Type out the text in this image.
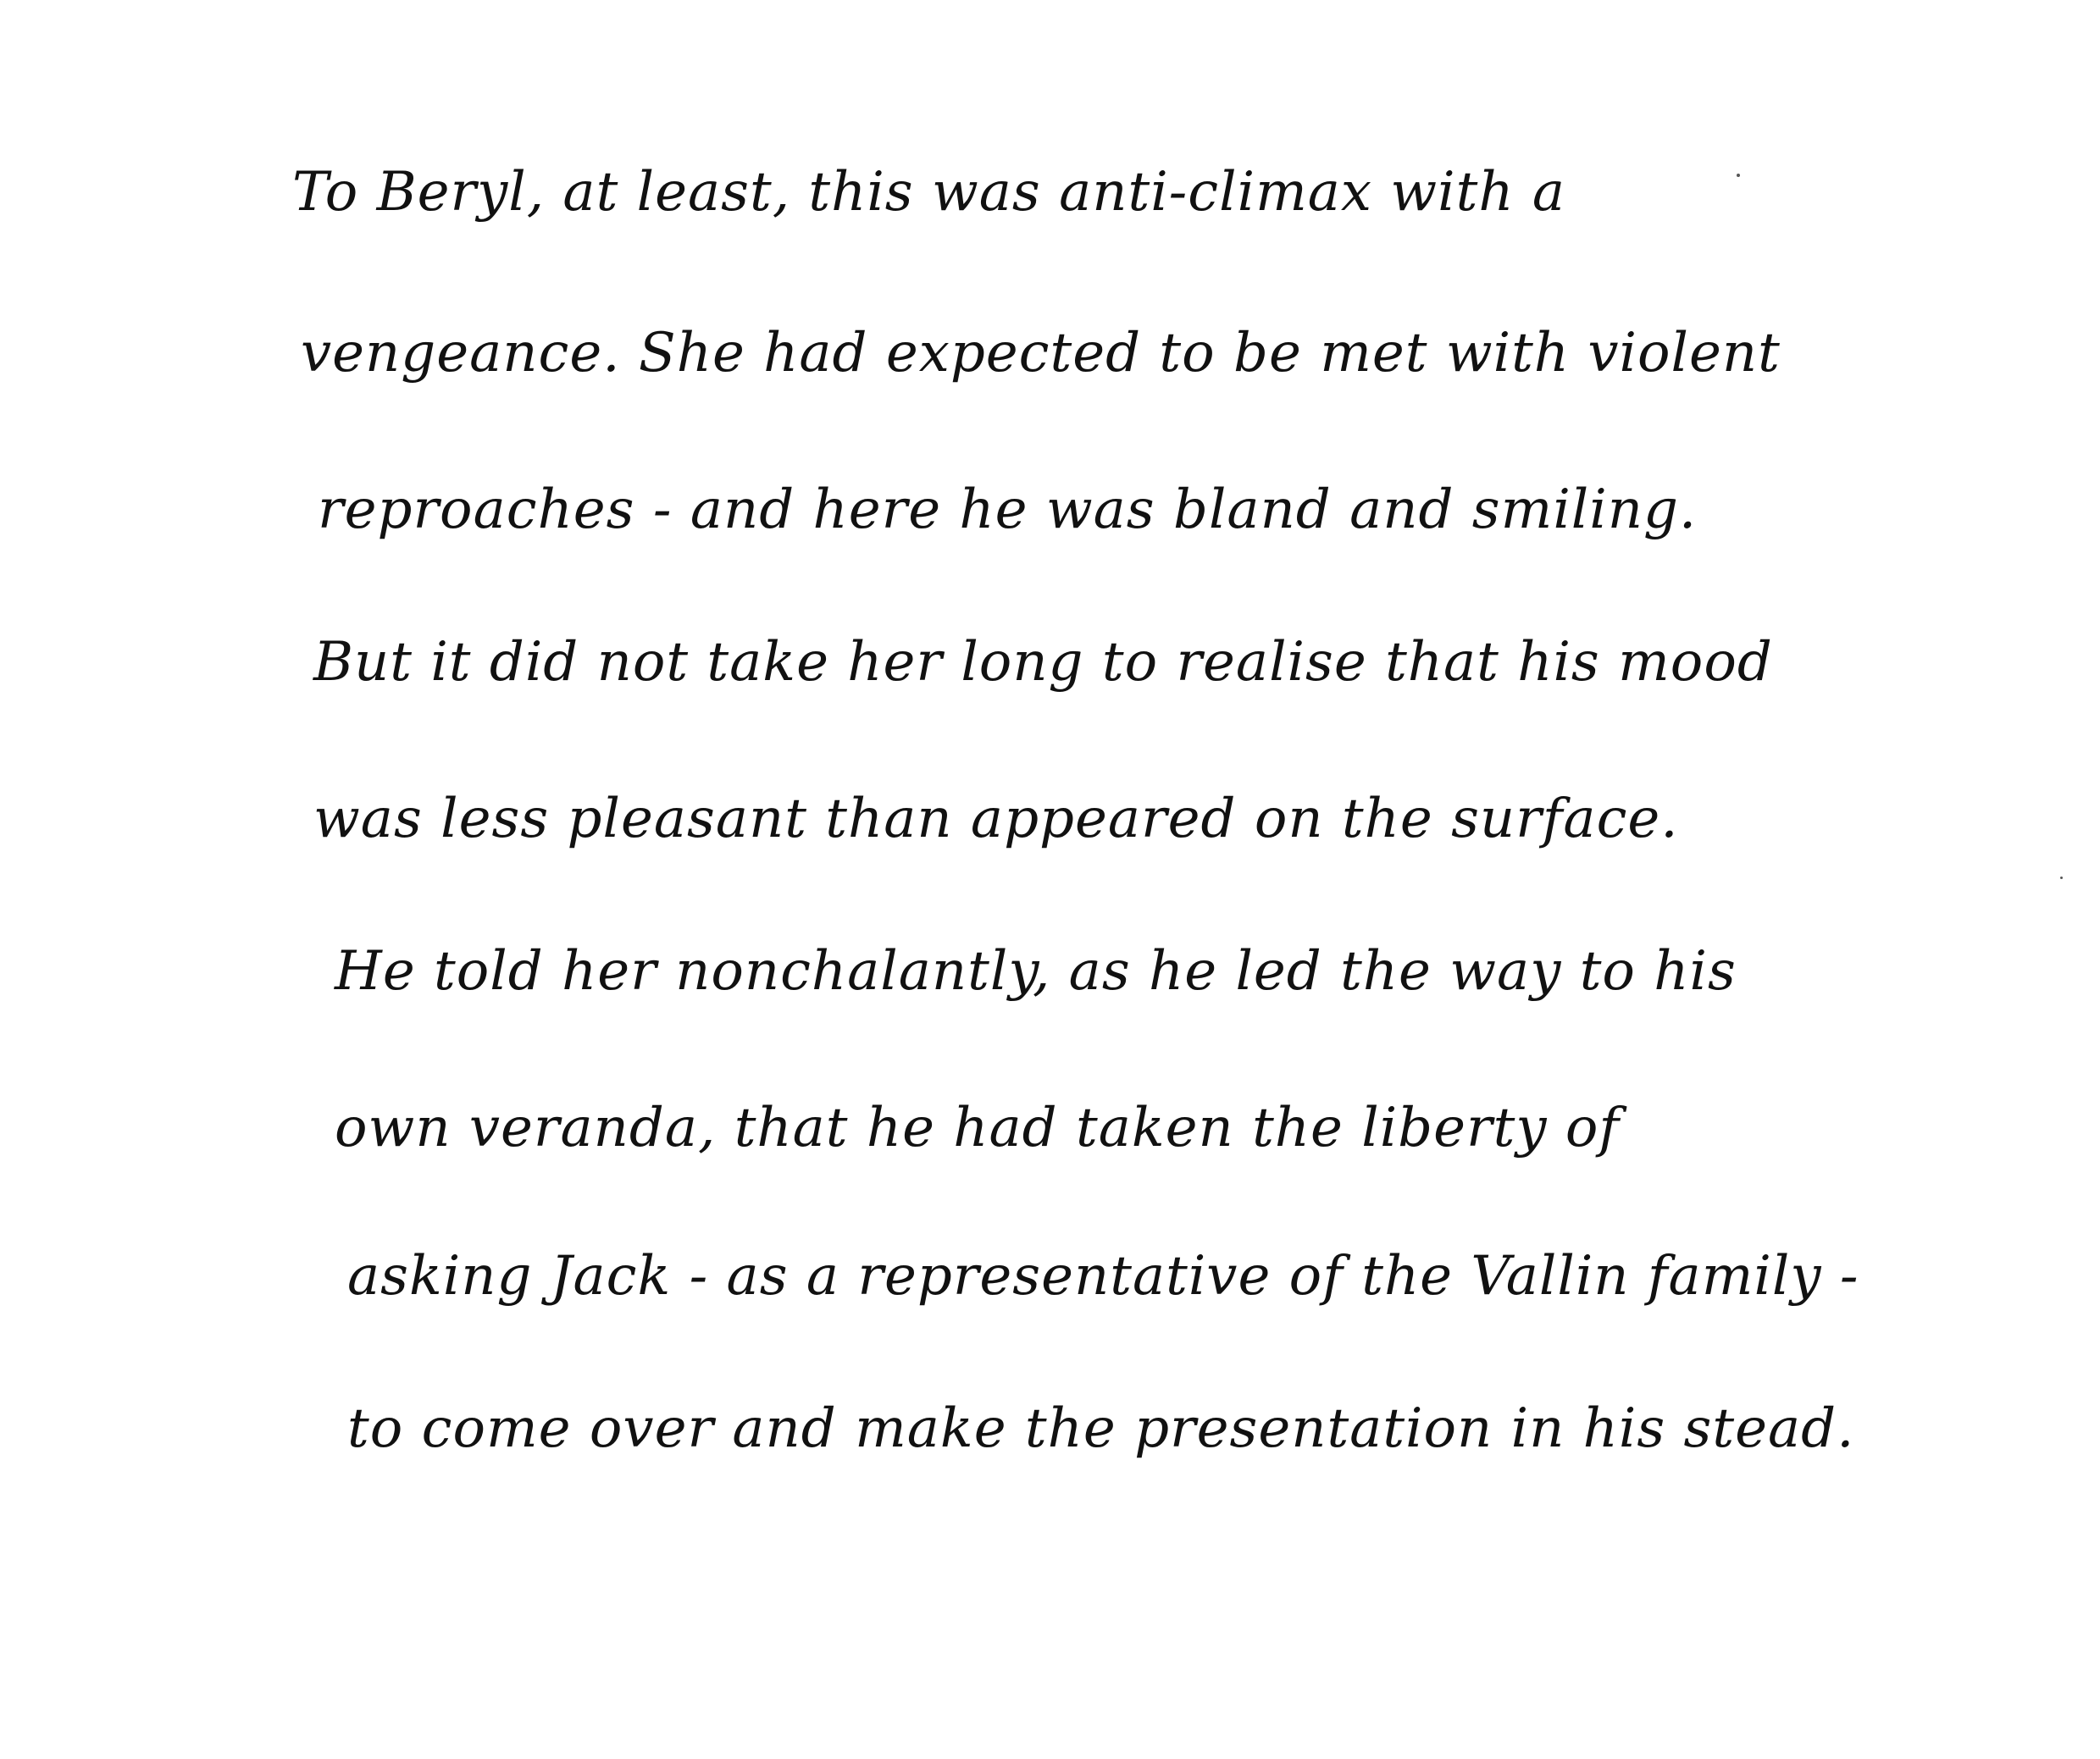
To Beryl, at least, this was anti-climax with a
vengeance. She had expected to be met with violent
reproaches - and here he was bland and smiling.
But it did not take her long to realise that his mood
was less pleasant than appeared on the surface.
He told her nonchalantly, as he led the way to his
own veranda, that he had taken the liberty of
asking Jack - as a representative of the Vallin family -
to come over and make the presentation in his stead.
